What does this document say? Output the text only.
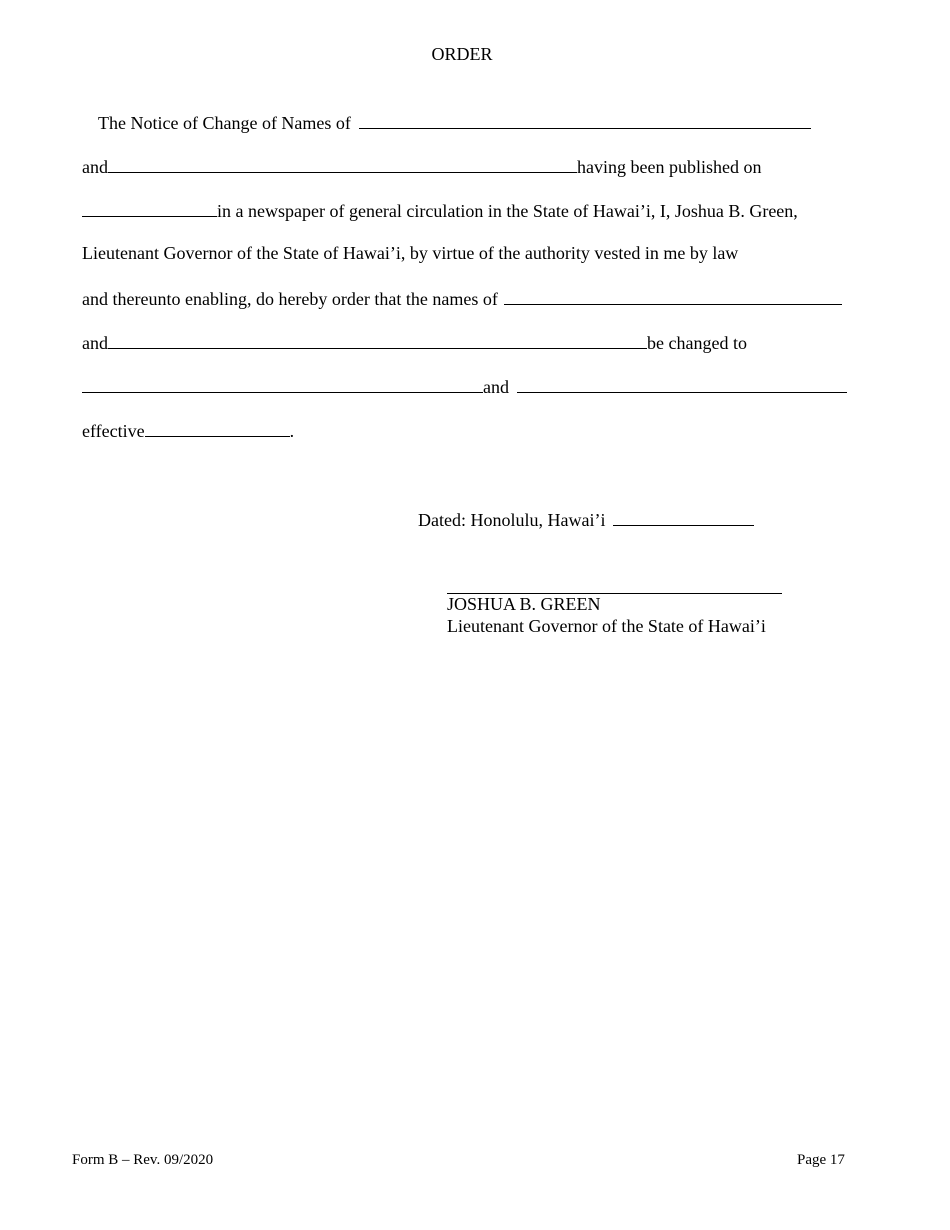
ORDER
The Notice of Change of Names of
and	having been published on
in a newspaper of general circulation in the State of Hawai’i, I, Joshua B. Green,
Lieutenant Governor of the State of Hawai’i, by virtue of the authority vested in me by law
and thereunto enabling, do hereby order that the names of
and	be changed to
and
effective	.
Dated: Honolulu, Hawai’i
JOSHUA B. GREEN
Lieutenant Governor of the State of Hawai’i
Form B – Rev. 09/2020	Page 17
